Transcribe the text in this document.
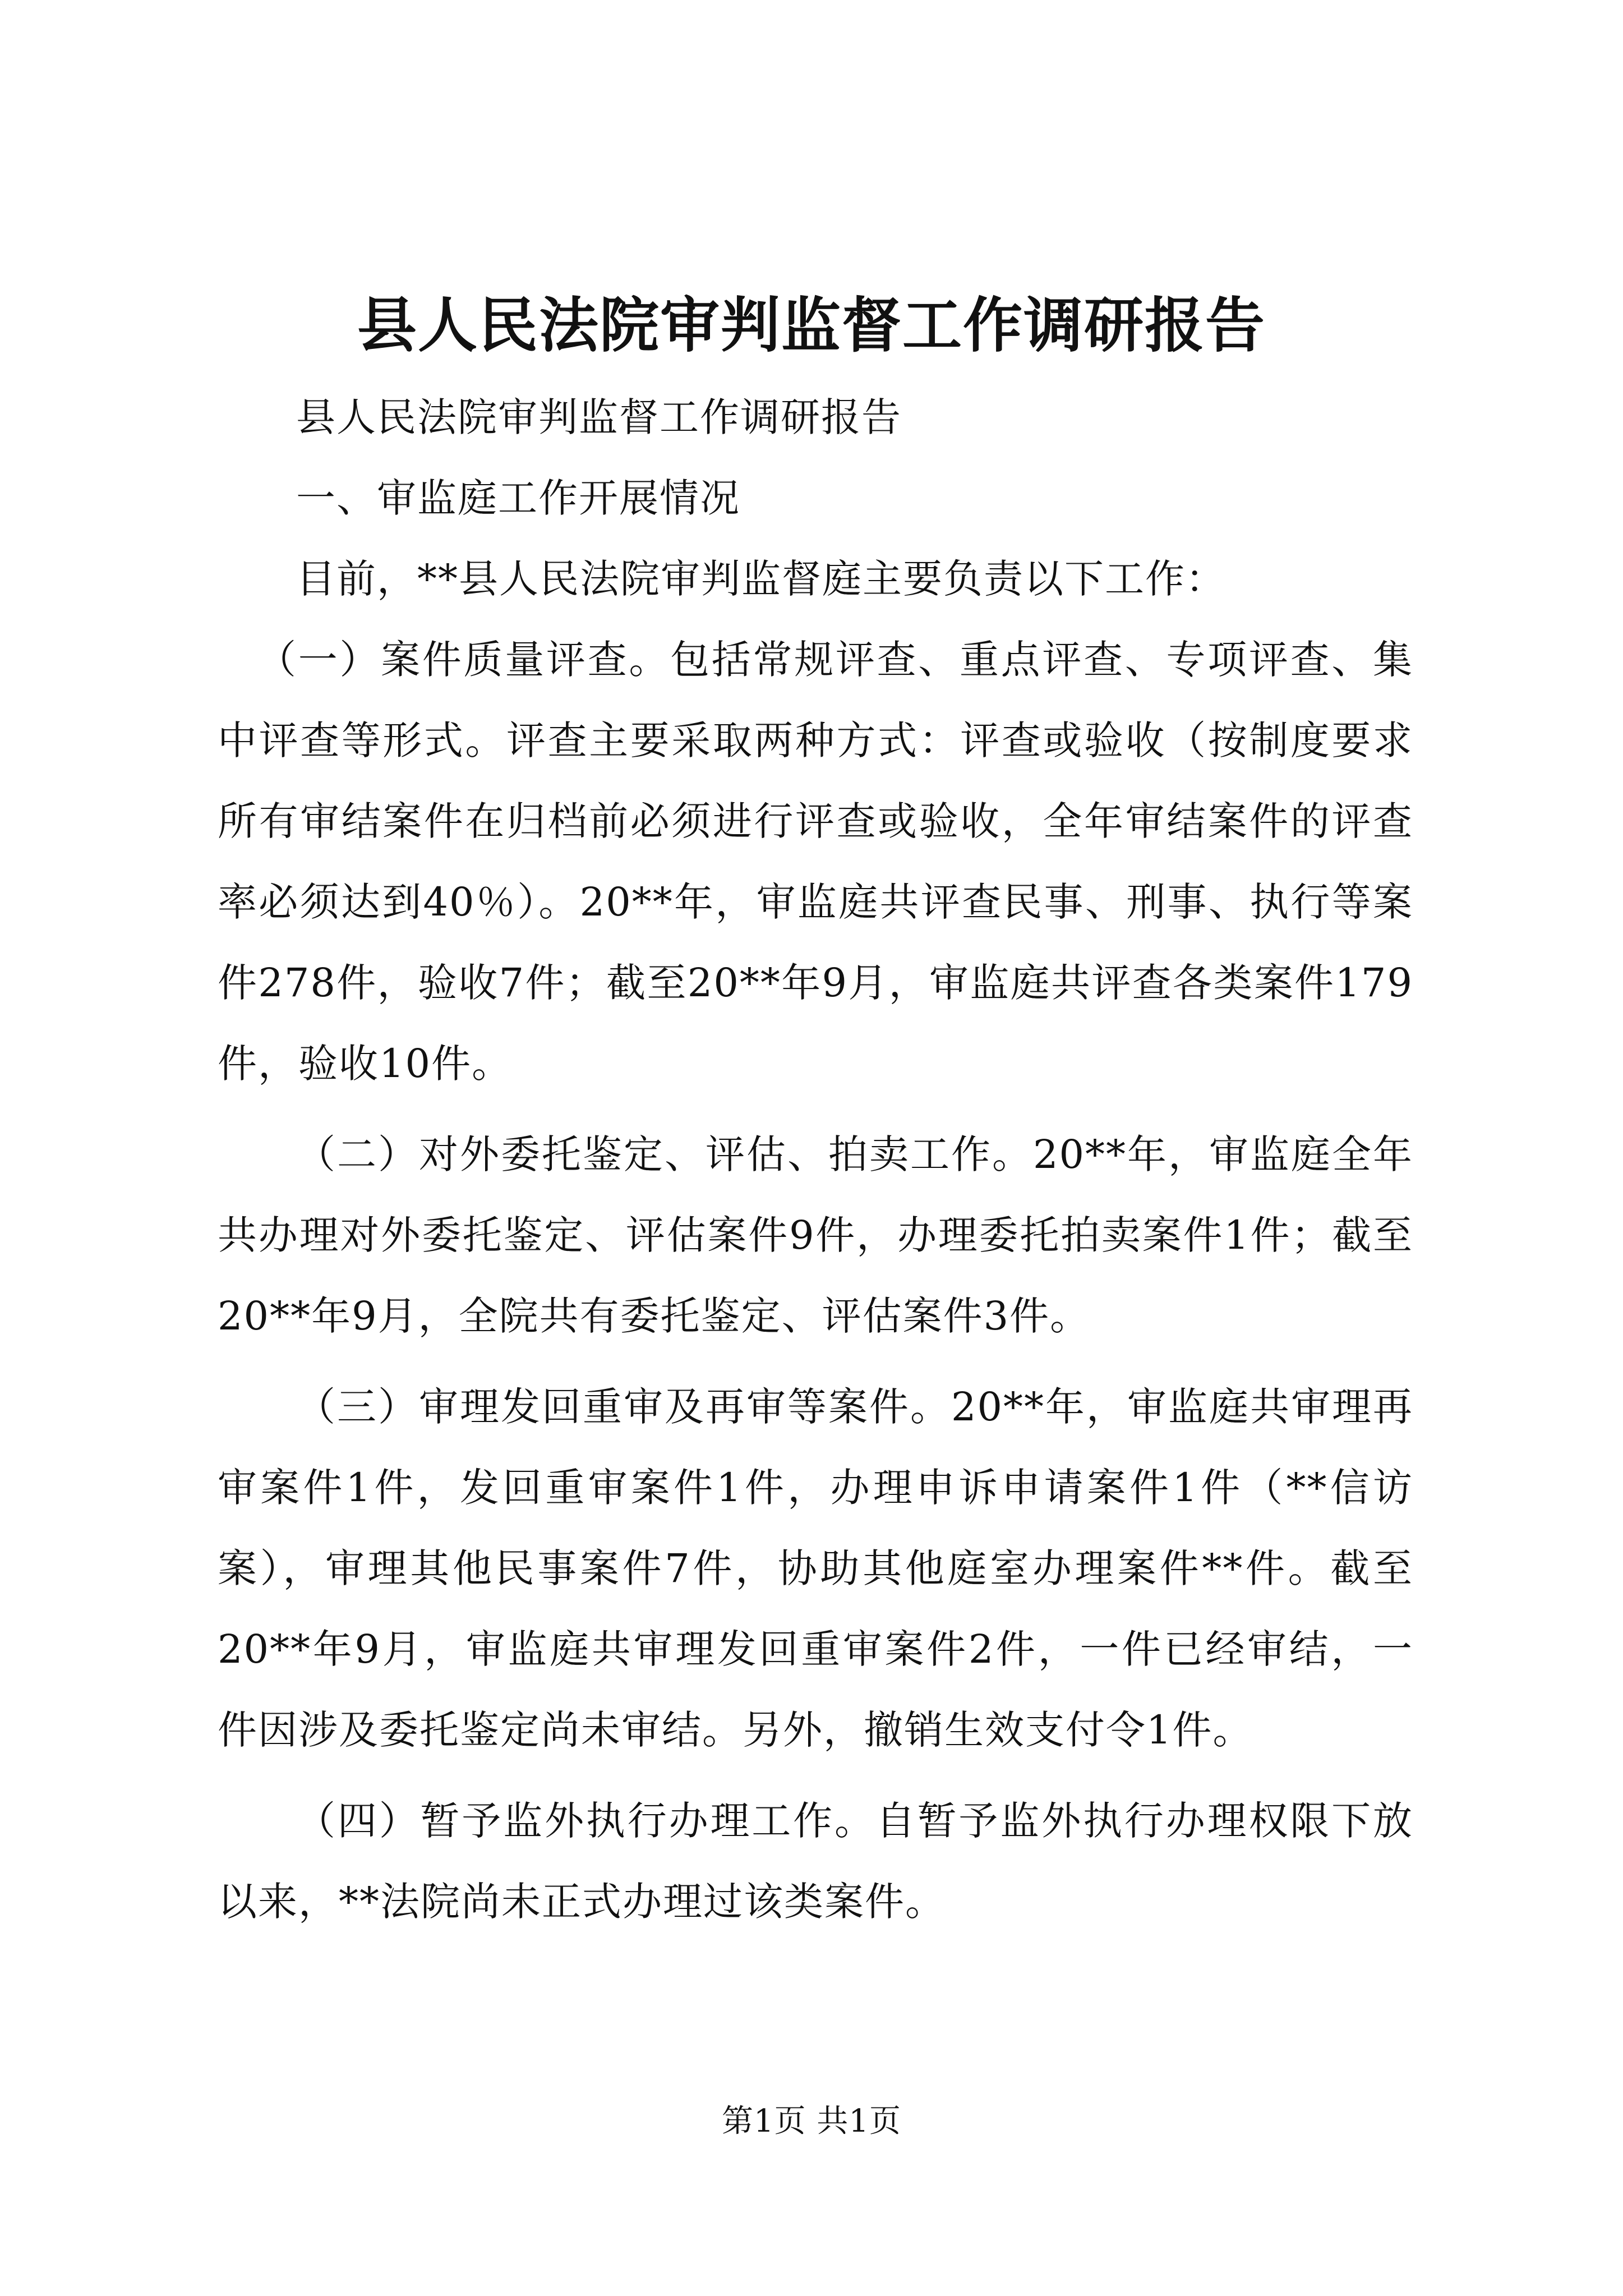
县人民法院审判监督工作调研报告

县人民法院审判监督工作调研报告

一、审监庭工作开展情况

目前，**县人民法院审判监督庭主要负责以下工作：

（一）案件质量评查。包括常规评查、重点评查、专项评查、集中评查等形式。评查主要采取两种方式：评查或验收（按制度要求所有审结案件在归档前必须进行评查或验收，全年审结案件的评查率必须达到40％）。20**年，审监庭共评查民事、刑事、执行等案件278件，验收7件；截至20**年9月，审监庭共评查各类案件179件，验收10件。

（二）对外委托鉴定、评估、拍卖工作。20**年，审监庭全年共办理对外委托鉴定、评估案件9件，办理委托拍卖案件1件；截至20**年9月，全院共有委托鉴定、评估案件3件。

（三）审理发回重审及再审等案件。20**年，审监庭共审理再审案件1件，发回重审案件1件，办理申诉申请案件1件（**信访案），审理其他民事案件7件，协助其他庭室办理案件**件。截至20**年9月，审监庭共审理发回重审案件2件，一件已经审结，一件因涉及委托鉴定尚未审结。另外，撤销生效支付令1件。

（四）暂予监外执行办理工作。自暂予监外执行办理权限下放以来，**法院尚未正式办理过该类案件。

第1页 共1页
